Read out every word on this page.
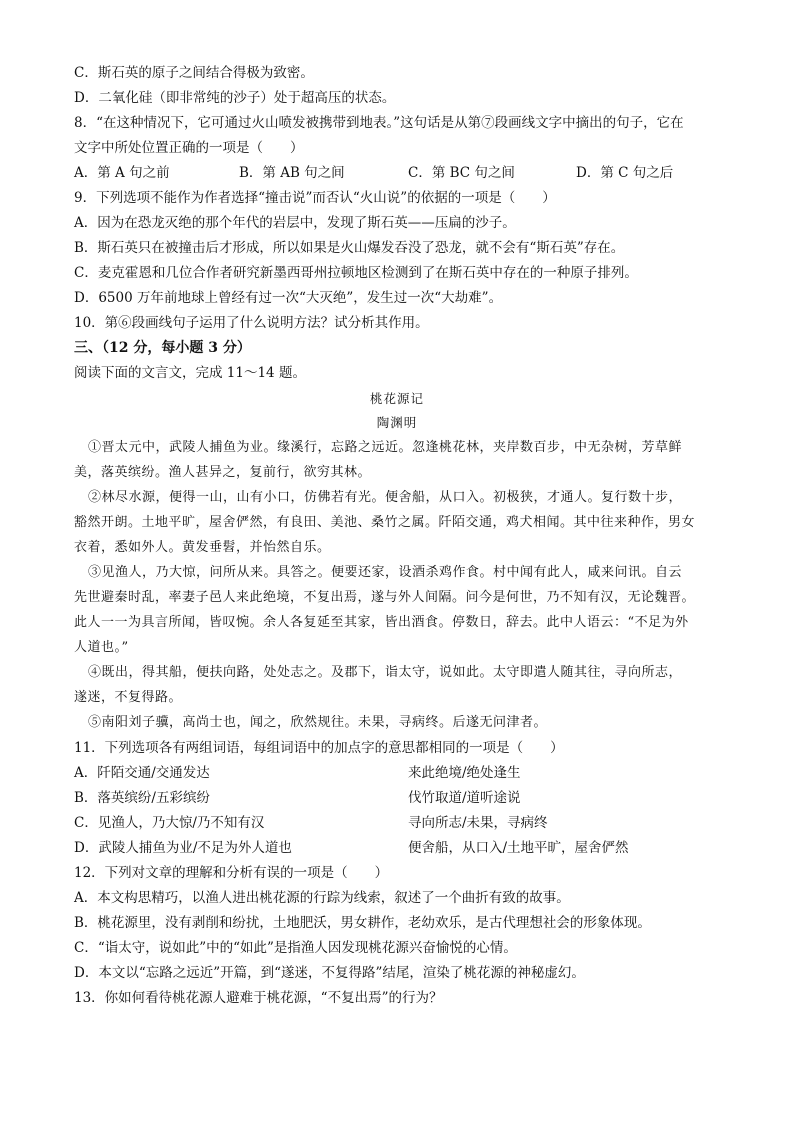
C．斯石英的原子之间结合得极为致密。
D．二氧化硅（即非常纯的沙子）处于超高压的状态。
8．“在这种情况下，它可通过火山喷发被携带到地表。”这句话是从第⑦段画线文字中摘出的句子，它在
文字中所处位置正确的一项是（　　）
A．第 A 句之前	B．第 AB 句之间	C．第 BC 句之间	D．第 C 句之后
9．下列选项不能作为作者选择“撞击说”而否认“火山说”的依据的一项是（　　）
A．因为在恐龙灭绝的那个年代的岩层中，发现了斯石英——压扁的沙子。
B．斯石英只在被撞击后才形成，所以如果是火山爆发吞没了恐龙，就不会有“斯石英”存在。
C．麦克霍恩和几位合作者研究新墨西哥州拉顿地区检测到了在斯石英中存在的一种原子排列。
D．6500 万年前地球上曾经有过一次“大灭绝”，发生过一次“大劫难”。
10．第⑥段画线句子运用了什么说明方法？试分析其作用。
三、（12 分，每小题 3 分）
阅读下面的文言文，完成 11～14 题。
桃花源记
陶渊明
①晋太元中，武陵人捕鱼为业。缘溪行，忘路之远近。忽逢桃花林，夹岸数百步，中无杂树，芳草鲜
美，落英缤纷。渔人甚异之，复前行，欲穷其林。
②林尽水源，便得一山，山有小口，仿佛若有光。便舍船，从口入。初极狭，才通人。复行数十步，
豁然开朗。土地平旷，屋舍俨然，有良田、美池、桑竹之属。阡陌交通，鸡犬相闻。其中往来种作，男女
衣着，悉如外人。黄发垂髫，并怡然自乐。
③见渔人，乃大惊，问所从来。具答之。便要还家，设酒杀鸡作食。村中闻有此人，咸来问讯。自云
先世避秦时乱，率妻子邑人来此绝境，不复出焉，遂与外人间隔。问今是何世，乃不知有汉，无论魏晋。
此人一一为具言所闻，皆叹惋。余人各复延至其家，皆出酒食。停数日，辞去。此中人语云：“不足为外
人道也。”
④既出，得其船，便扶向路，处处志之。及郡下，诣太守，说如此。太守即遣人随其往，寻向所志，
遂迷，不复得路。
⑤南阳刘子骥，高尚士也，闻之，欣然规往。未果，寻病终。后遂无问津者。
11．下列选项各有两组词语，每组词语中的加点字的意思都相同的一项是（　　）
A．阡陌交通/交通发达	来此绝境/绝处逢生
B．落英缤纷/五彩缤纷	伐竹取道/道听途说
C．见渔人，乃大惊/乃不知有汉	寻向所志/未果，寻病终
D．武陵人捕鱼为业/不足为外人道也	便舍船，从口入/土地平旷，屋舍俨然
12．下列对文章的理解和分析有误的一项是（　　）
A．本文构思精巧，以渔人进出桃花源的行踪为线索，叙述了一个曲折有致的故事。
B．桃花源里，没有剥削和纷扰，土地肥沃，男女耕作，老幼欢乐，是古代理想社会的形象体现。
C．“诣太守，说如此”中的“如此”是指渔人因发现桃花源兴奋愉悦的心情。
D．本文以“忘路之远近”开篇，到“遂迷，不复得路”结尾，渲染了桃花源的神秘虚幻。
13．你如何看待桃花源人避难于桃花源，“不复出焉”的行为？
